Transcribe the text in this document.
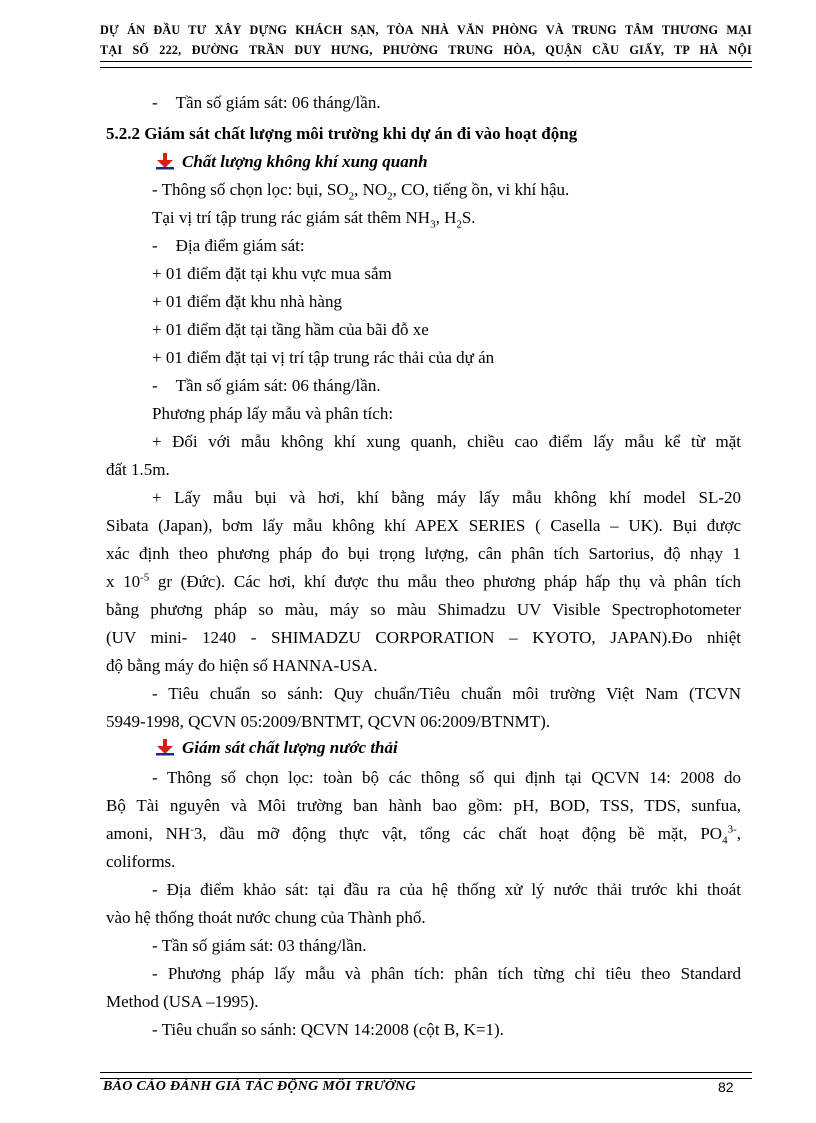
DỰ ÁN ĐẦU TƯ XÂY DỰNG KHÁCH SẠN, TÒA NHÀ VĂN PHÒNG VÀ TRUNG TÂM THƯƠNG MẠI
TẠI SỐ 222, ĐƯỜNG TRẦN DUY HƯNG, PHƯỜNG TRUNG HÒA, QUẬN CẦU GIẤY, TP HÀ NỘI
- Tần số giám sát: 06 tháng/lần.
5.2.2 Giám sát chất lượng môi trường khi dự án đi vào hoạt động
Chất lượng không khí xung quanh
- Thông số chọn lọc: bụi, $SO_2$, $NO_2$, CO, tiếng ồn, vi khí hậu.
Tại vị trí tập trung rác giám sát thêm $NH_3$, $H_2S$.
- Địa điểm giám sát:
+ 01 điểm đặt tại khu vực mua sắm
+ 01 điểm đặt khu nhà hàng
+ 01 điểm đặt tại tầng hầm của bãi đỗ xe
+ 01 điểm đặt tại vị trí tập trung rác thải của dự án
- Tần số giám sát: 06 tháng/lần.
Phương pháp lấy mẫu và phân tích:
+ Đối với mẫu không khí xung quanh, chiều cao điểm lấy mẫu kể từ mặt
đất 1.5m.
+ Lấy mẫu bụi và hơi, khí bằng máy lấy mẫu không khí model SL-20
Sibata (Japan), bơm lấy mẫu không khí APEX SERIES ( Casella – UK). Bụi được
xác định theo phương pháp đo bụi trọng lượng, cân phân tích Sartorius, độ nhạy 1
x $10^{-5}$ gr (Đức). Các hơi, khí được thu mẫu theo phương pháp hấp thụ và phân tích
bằng phương pháp so màu, máy so màu Shimadzu UV Visible Spectrophotometer
(UV mini- 1240 - SHIMADZU CORPORATION – KYOTO, JAPAN).Đo nhiệt
độ bằng máy đo hiện số HANNA-USA.
- Tiêu chuẩn so sánh: Quy chuẩn/Tiêu chuẩn môi trường Việt Nam (TCVN
5949-1998, QCVN 05:2009/BNTMT, QCVN 06:2009/BTNMT).
Giám sát chất lượng nước thải
- Thông số chọn lọc: toàn bộ các thông số qui định tại QCVN 14: 2008 do
Bộ Tài nguyên và Môi trường ban hành bao gồm: pH, BOD, TSS, TDS, sunfua,
amoni, NH-3, dầu mỡ động thực vật, tổng các chất hoạt động bề mặt, $PO_4^{3-}$,
coliforms.
- Địa điểm khảo sát: tại đầu ra của hệ thống xử lý nước thải trước khi thoát
vào hệ thống thoát nước chung của Thành phố.
- Tần số giám sát: 03 tháng/lần.
- Phương pháp lấy mẫu và phân tích: phân tích từng chỉ tiêu theo Standard
Method (USA –1995).
- Tiêu chuẩn so sánh: QCVN 14:2008 (cột B, K=1).
BÁO CÁO ĐÁNH GIÁ TÁC ĐỘNG MÔI TRƯỜNG	82
